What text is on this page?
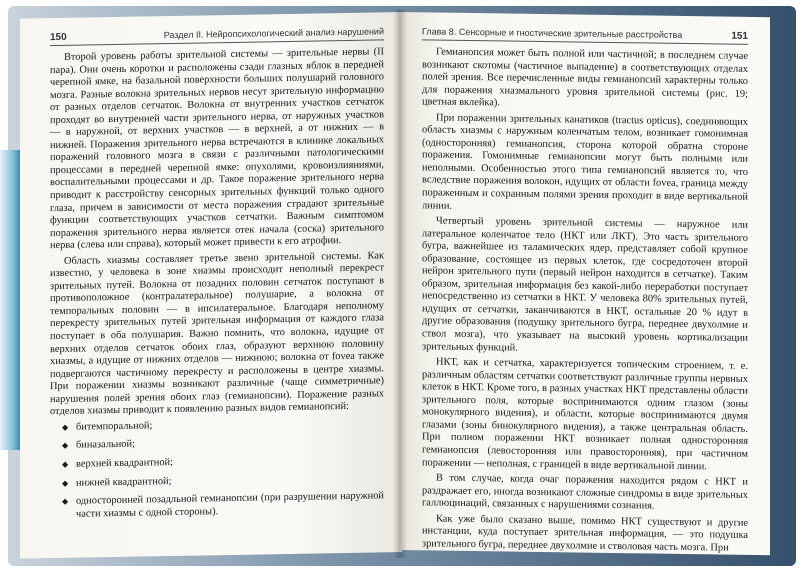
150	Раздел II. Нейропсихологический анализ нарушений

Второй уровень работы зрительной системы — зрительные нервы (II пара). Они очень коротки и расположены сзади глазных яблок в передней черепной ямке, на базальной поверхности больших полушарий головного мозга. Разные волокна зрительных нервов несут зрительную информацию от разных отделов сетчаток. Волокна от внутренних участков сетчаток проходят во внутренней части зрительного нерва, от наружных участков — в наружной, от верхних участков — в верхней, а от нижних — в нижней. Поражения зрительного нерва встречаются в клинике локальных поражений головного мозга в связи с различными патологическими процессами в передней черепной ямке: опухолями, кровоизлияниями, воспалительными процессами и др. Такое поражение зрительного нерва приводит к расстройству сенсорных зрительных функций только одного глаза, причем в зависимости от места поражения страдают зрительные функции соответствующих участков сетчатки. Важным симптомом поражения зрительного нерва является отек начала (соска) зрительного нерва (слева или справа), который может привести к его атрофии.

Область хиазмы составляет третье звено зрительной системы. Как известно, у человека в зоне хиазмы происходит неполный перекрест зрительных путей. Волокна от позадних половин сетчаток поступают в противоположное (контралатеральное) полушарие, а волокна от темпоральных половин — в ипсилатеральное. Благодаря неполному перекресту зрительных путей зрительная информация от каждого глаза поступает в оба полушария. Важно помнить, что волокна, идущие от верхних отделов сетчаток обоих глаз, образуют верхнюю половину хиазмы, а идущие от нижних отделов — нижнюю; волокна от fovea также подвергаются частичному перекресту и расположены в центре хиазмы. При поражении хиазмы возникают различные (чаще симметричные) нарушения полей зрения обоих глаз (гемианопсии). Поражение разных отделов хиазмы приводит к появлению разных видов гемианопсий:

◆ битемпоральной;
◆ биназальной;
◆ верхней квадрантной;
◆ нижней квадрантной;
◆ односторонней позадльной гемианопсии (при разрушении наружной части хиазмы с одной стороны).
Глава 8. Сенсорные и гностические зрительные расстройства	151

Гемианопсия может быть полной или частичной; в последнем случае возникают скотомы (частичное выпадение) в соответствующих отделах полей зрения. Все перечисленные виды гемианопсий характерны только для поражения хиазмального уровня зрительной системы (рис. 19; цветная вклейка).

При поражении зрительных канатиков (tractus opticus), соединяющих область хиазмы с наружным коленчатым телом, возникает гомонимная (односторонняя) гемианопсия, сторона которой обратна стороне поражения. Гомонимные гемианопсии могут быть полными или неполными. Особенностью этого типа гемианопсий является то, что вследствие поражения волокон, идущих от области fovea, граница между пораженным и сохранным полями зрения проходит в виде вертикальной линии.

Четвертый уровень зрительной системы — наружное или латеральное коленчатое тело (НКТ или ЛКТ). Это часть зрительного бугра, важнейшее из таламических ядер, представляет собой крупное образование, состоящее из первых клеток, где сосредоточен второй нейрон зрительного пути (первый нейрон находится в сетчатке). Таким образом, зрительная информация без какой-либо переработки поступает непосредственно из сетчатки в НКТ. У человека 80% зрительных путей, идущих от сетчатки, заканчиваются в НКТ, остальные 20 % идут в другие образования (подушку зрительного бугра, переднее двухолмие и ствол мозга), что указывает на высокий уровень кортикализации зрительных функций.

НКТ, как и сетчатка, характеризуется топическим строением, т. е. различным областям сетчатки соответствуют различные группы нервных клеток в НКТ. Кроме того, в разных участках НКТ представлены области зрительного поля, которые воспринимаются одним глазом (зоны монокулярного видения), и области, которые воспринимаются двумя глазами (зоны бинокулярного видения), а также центральная область. При полном поражении НКТ возникает полная односторонняя гемианопсия (левосторонняя или правосторонняя), при частичном поражении — неполная, с границей в виде вертикальной линии.

В том случае, когда очаг поражения находится рядом с НКТ и раздражает его, иногда возникают сложные синдромы в виде зрительных галлюцинаций, связанных с нарушениями сознания.

Как уже было сказано выше, помимо НКТ существуют и другие инстанции, куда поступает зрительная информация, — это подушка зрительного бугра, переднее двухолмие и стволовая часть мозга. При
